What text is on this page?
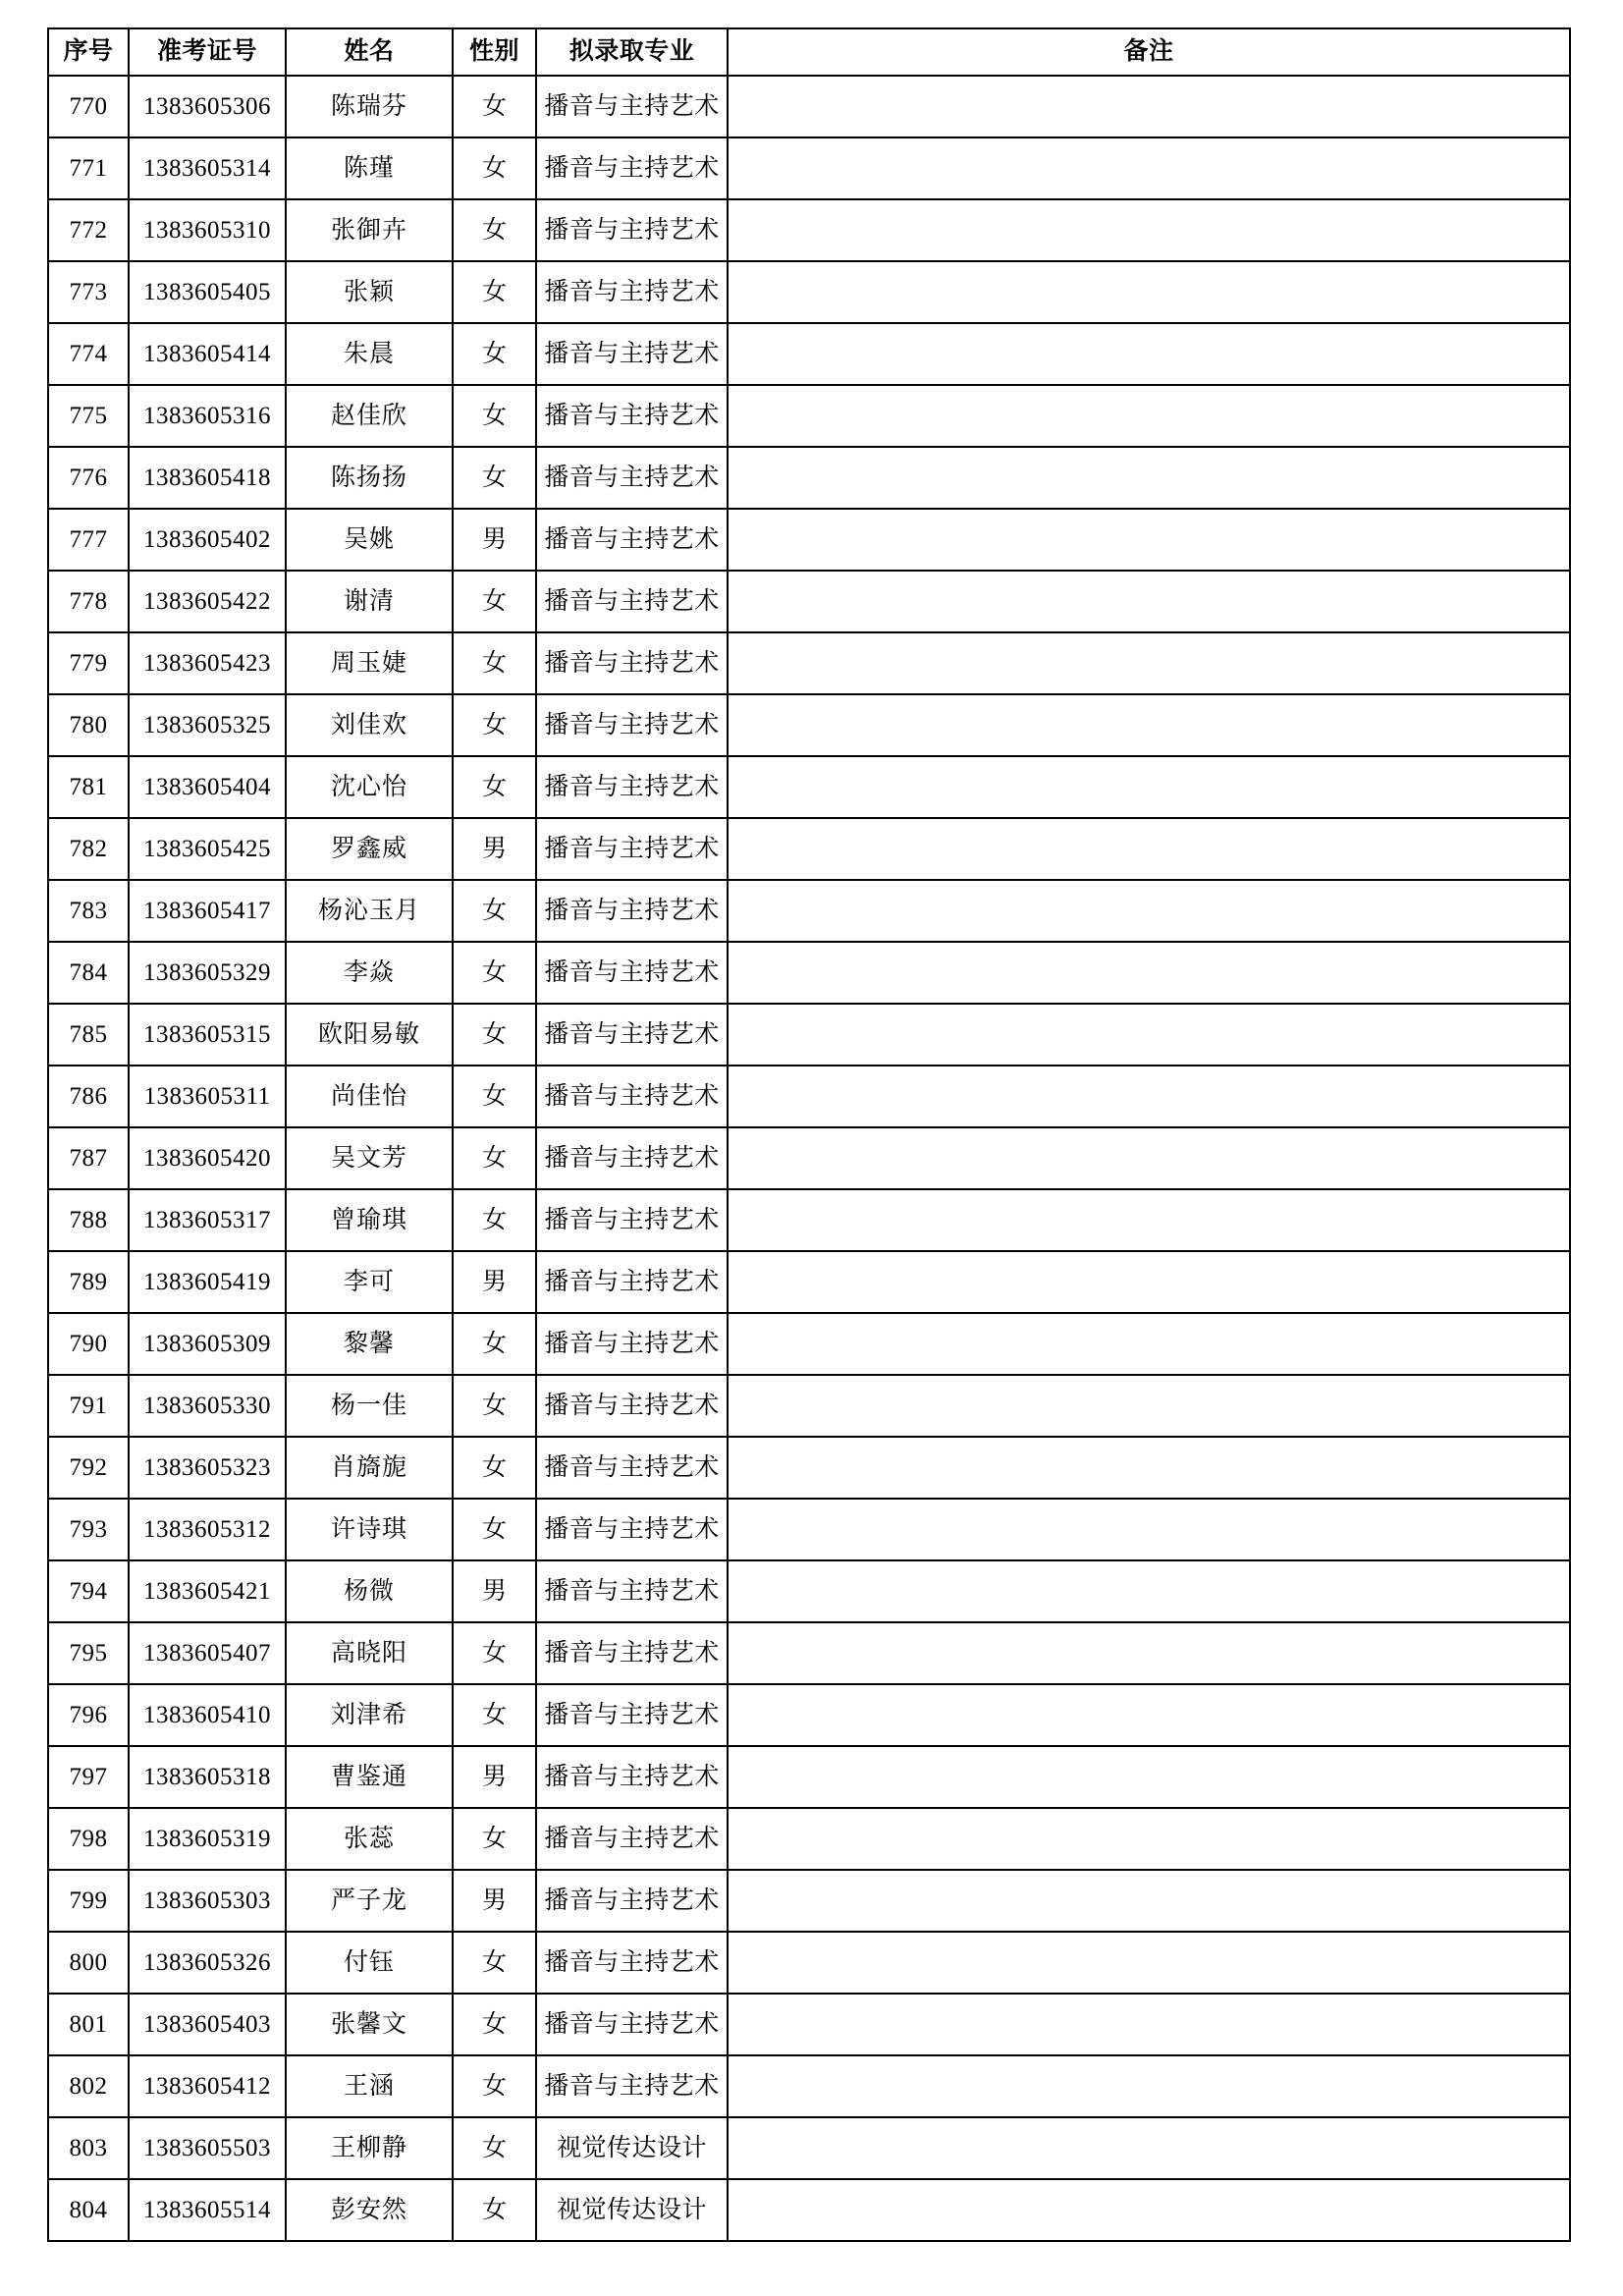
序号	准考证号	姓名	性别	拟录取专业	备注
770	1383605306	陈瑞芬	女	播音与主持艺术	
771	1383605314	陈瑾	女	播音与主持艺术	
772	1383605310	张御卉	女	播音与主持艺术	
773	1383605405	张颖	女	播音与主持艺术	
774	1383605414	朱晨	女	播音与主持艺术	
775	1383605316	赵佳欣	女	播音与主持艺术	
776	1383605418	陈扬扬	女	播音与主持艺术	
777	1383605402	吴姚	男	播音与主持艺术	
778	1383605422	谢清	女	播音与主持艺术	
779	1383605423	周玉婕	女	播音与主持艺术	
780	1383605325	刘佳欢	女	播音与主持艺术	
781	1383605404	沈心怡	女	播音与主持艺术	
782	1383605425	罗鑫威	男	播音与主持艺术	
783	1383605417	杨沁玉月	女	播音与主持艺术	
784	1383605329	李焱	女	播音与主持艺术	
785	1383605315	欧阳易敏	女	播音与主持艺术	
786	1383605311	尚佳怡	女	播音与主持艺术	
787	1383605420	吴文芳	女	播音与主持艺术	
788	1383605317	曾瑜琪	女	播音与主持艺术	
789	1383605419	李可	男	播音与主持艺术	
790	1383605309	黎馨	女	播音与主持艺术	
791	1383605330	杨一佳	女	播音与主持艺术	
792	1383605323	肖旖旎	女	播音与主持艺术	
793	1383605312	许诗琪	女	播音与主持艺术	
794	1383605421	杨微	男	播音与主持艺术	
795	1383605407	高晓阳	女	播音与主持艺术	
796	1383605410	刘津希	女	播音与主持艺术	
797	1383605318	曹鉴通	男	播音与主持艺术	
798	1383605319	张蕊	女	播音与主持艺术	
799	1383605303	严子龙	男	播音与主持艺术	
800	1383605326	付钰	女	播音与主持艺术	
801	1383605403	张馨文	女	播音与主持艺术	
802	1383605412	王涵	女	播音与主持艺术	
803	1383605503	王柳静	女	视觉传达设计	
804	1383605514	彭安然	女	视觉传达设计	
